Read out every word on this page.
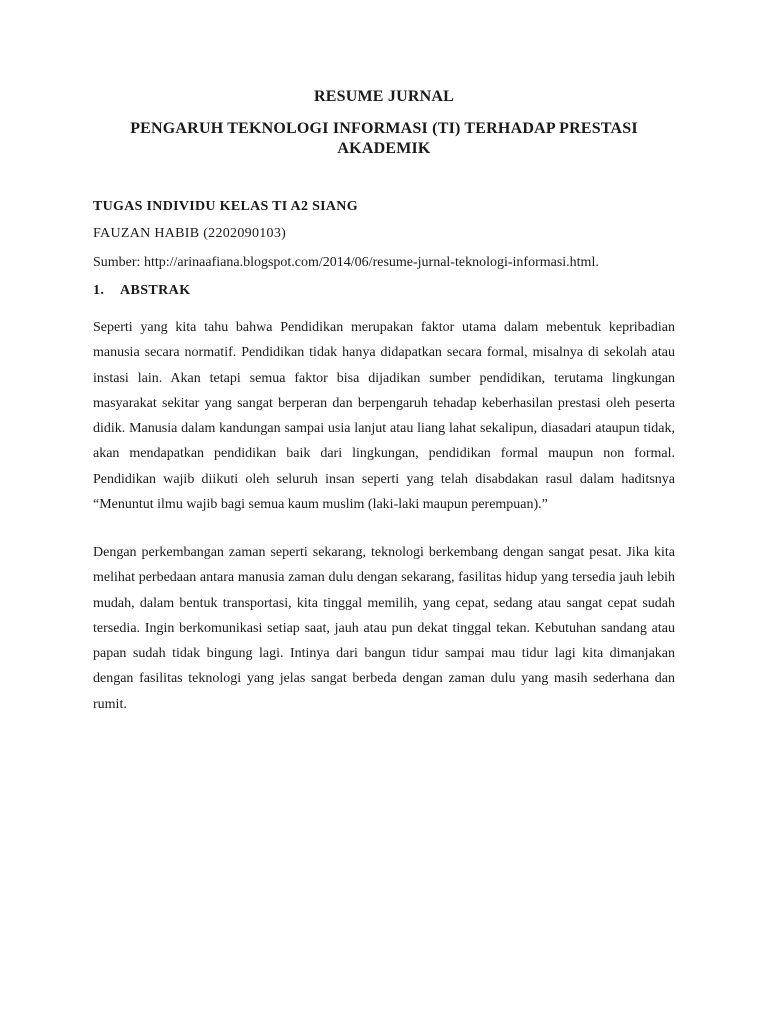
RESUME JURNAL
PENGARUH TEKNOLOGI INFORMASI (TI) TERHADAP PRESTASI AKADEMIK
TUGAS INDIVIDU KELAS TI A2 SIANG
FAUZAN HABIB (2202090103)
Sumber: http://arinaafiana.blogspot.com/2014/06/resume-jurnal-teknologi-informasi.html.
1. ABSTRAK

Seperti yang kita tahu bahwa Pendidikan merupakan faktor utama dalam mebentuk kepribadian manusia secara normatif. Pendidikan tidak hanya didapatkan secara formal, misalnya di sekolah atau instasi lain. Akan tetapi semua faktor bisa dijadikan sumber pendidikan, terutama lingkungan masyarakat sekitar yang sangat berperan dan berpengaruh tehadap keberhasilan prestasi oleh peserta didik. Manusia dalam kandungan sampai usia lanjut atau liang lahat sekalipun, diasadari ataupun tidak, akan mendapatkan pendidikan baik dari lingkungan, pendidikan formal maupun non formal. Pendidikan wajib diikuti oleh seluruh insan seperti yang telah disabdakan rasul dalam haditsnya “Menuntut ilmu wajib bagi semua kaum muslim (laki-laki maupun perempuan).”

Dengan perkembangan zaman seperti sekarang, teknologi berkembang dengan sangat pesat. Jika kita melihat perbedaan antara manusia zaman dulu dengan sekarang, fasilitas hidup yang tersedia jauh lebih mudah, dalam bentuk transportasi, kita tinggal memilih, yang cepat, sedang atau sangat cepat sudah tersedia. Ingin berkomunikasi setiap saat, jauh atau pun dekat tinggal tekan. Kebutuhan sandang atau papan sudah tidak bingung lagi. Intinya dari bangun tidur sampai mau tidur lagi kita dimanjakan dengan fasilitas teknologi yang jelas sangat berbeda dengan zaman dulu yang masih sederhana dan rumit.
